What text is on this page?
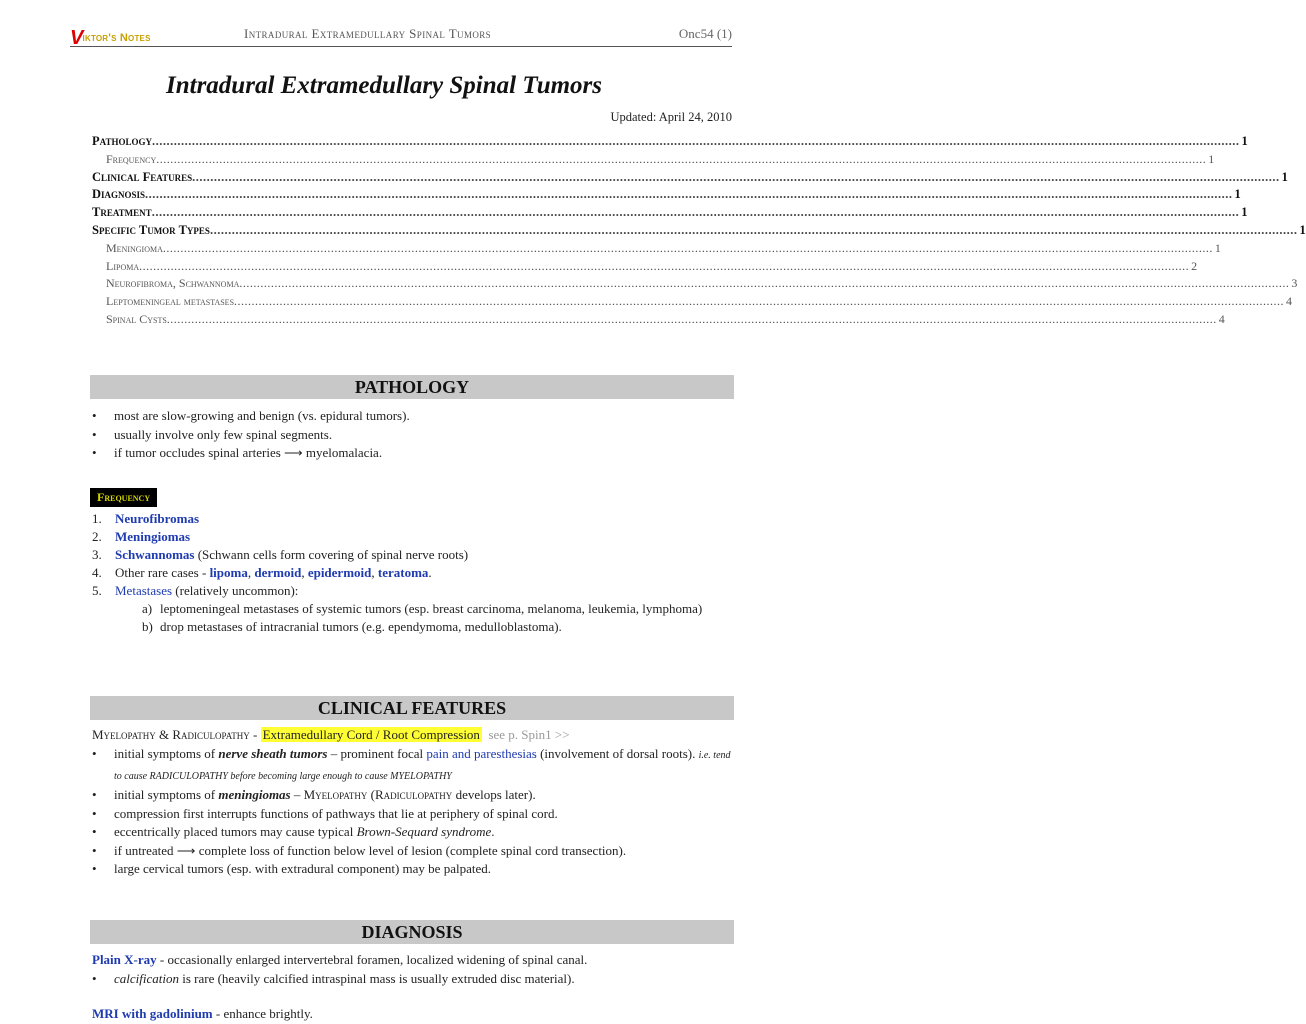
Viktor's Notes	Intradural Extramedullary Spinal Tumors	Onc54 (1)
Intradural Extramedullary Spinal Tumors
Updated: April 24, 2010
Pathology ............................................................................................................................................................................................................................................................................................................ 1
Frequency ............................................................................................................................................................................................................................................................................................................ 1
Clinical Features ............................................................................................................................................................................................................................................................................................................ 1
Diagnosis ............................................................................................................................................................................................................................................................................................................ 1
Treatment ............................................................................................................................................................................................................................................................................................................ 1
Specific Tumor Types ............................................................................................................................................................................................................................................................................................................ 1
Meningioma ............................................................................................................................................................................................................................................................................................................ 1
Lipoma ............................................................................................................................................................................................................................................................................................................ 2
Neurofibroma, Schwannoma ............................................................................................................................................................................................................................................................................................................ 3
Leptomeningeal metastases ............................................................................................................................................................................................................................................................................................................ 4
Spinal Cysts ............................................................................................................................................................................................................................................................................................................ 4
PATHOLOGY
• most are slow-growing and benign (vs. epidural tumors).
• usually involve only few spinal segments.
• if tumor occludes spinal arteries ⟶ myelomalacia.
Frequency
1. Neurofibromas
2. Meningiomas
3. Schwannomas (Schwann cells form covering of spinal nerve roots)
4. Other rare cases - lipoma, dermoid, epidermoid, teratoma.
5. Metastases (relatively uncommon):
a) leptomeningeal metastases of systemic tumors (esp. breast carcinoma, melanoma, leukemia, lymphoma)
b) drop metastases of intracranial tumors (e.g. ependymoma, medulloblastoma).
CLINICAL FEATURES
Myelopathy & Radiculopathy - Extramedullary Cord / Root Compression see p. Spin1 >>
• initial symptoms of nerve sheath tumors – prominent focal pain and paresthesias (involvement of dorsal roots). i.e. tend to cause RADICULOPATHY before becoming large enough to cause MYELOPATHY
• initial symptoms of meningiomas – Myelopathy (Radiculopathy develops later).
• compression first interrupts functions of pathways that lie at periphery of spinal cord.
• eccentrically placed tumors may cause typical Brown-Sequard syndrome.
• if untreated ⟶ complete loss of function below level of lesion (complete spinal cord transection).
• large cervical tumors (esp. with extradural component) may be palpated.
DIAGNOSIS
Plain X-ray - occasionally enlarged intervertebral foramen, localized widening of spinal canal.
• calcification is rare (heavily calcified intraspinal mass is usually extruded disc material).
MRI with gadolinium - enhance brightly.
